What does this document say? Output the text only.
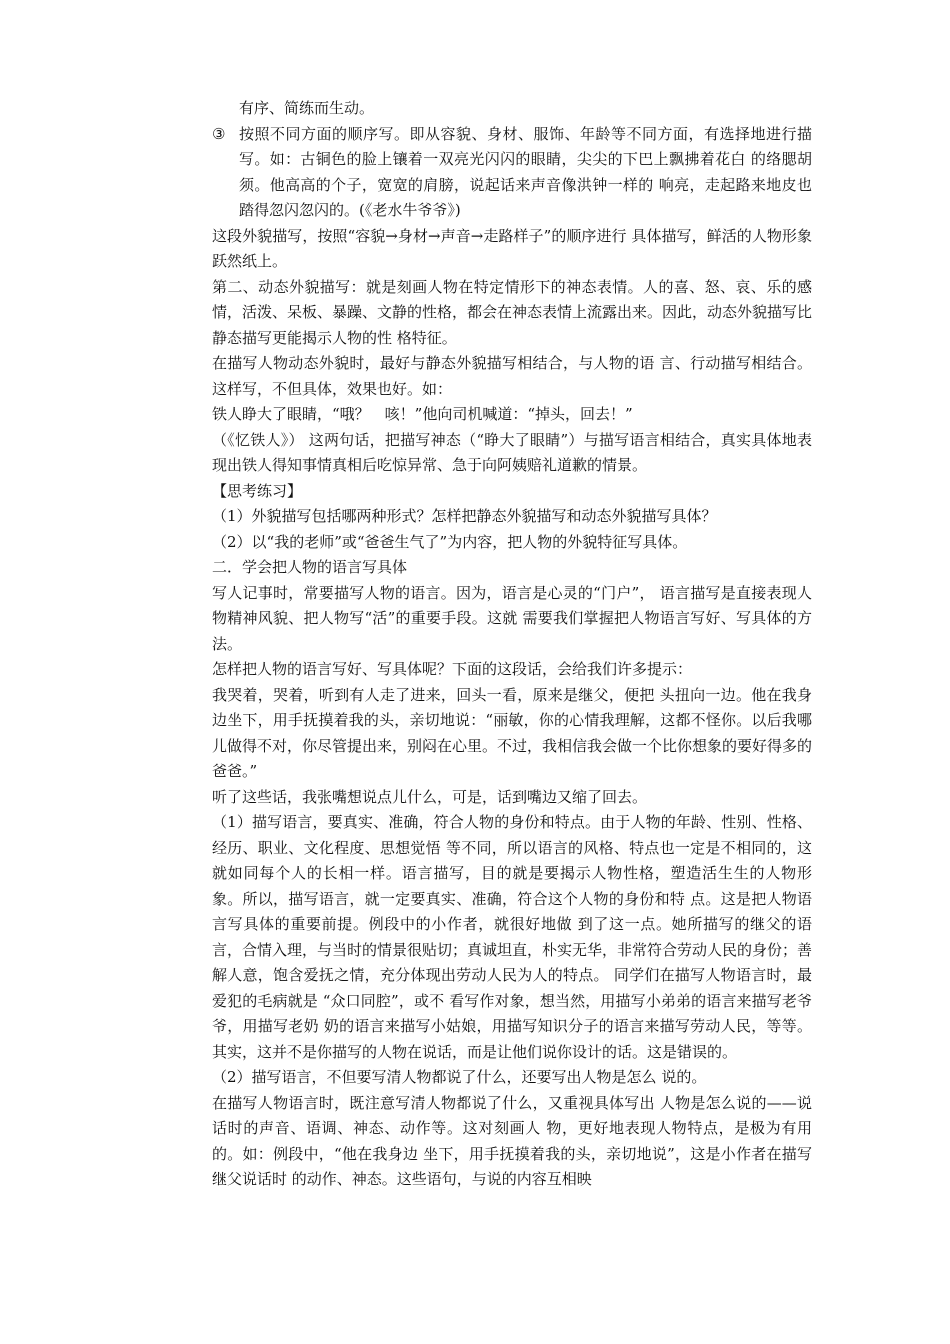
有序、简练而生动。

③ 按照不同方面的顺序写。即从容貌、身材、服饰、年龄等不同方面，有选择地进行描写。如：古铜色的脸上镶着一双亮光闪闪的眼睛，尖尖的下巴上飘拂着花白 的络腮胡须。他高高的个子，宽宽的肩膀，说起话来声音像洪钟一样的 响亮，走起路来地皮也踏得忽闪忽闪的。(《老水牛爷爷》)

这段外貌描写，按照“容貌→身材→声音→走路样子”的顺序进行 具体描写，鲜活的人物形象跃然纸上。

第二、动态外貌描写：就是刻画人物在特定情形下的神态表情。人的喜、怒、哀、乐的感情，活泼、呆板、暴躁、文静的性格，都会在神态表情上流露出来。因此，动态外貌描写比静态描写更能揭示人物的性 格特征。

在描写人物动态外貌时，最好与静态外貌描写相结合，与人物的语 言、行动描写相结合。这样写，不但具体，效果也好。如：

铁人睁大了眼睛，“哦？　咳！”他向司机喊道：“掉头，回去！”

（《忆铁人》） 这两句话，把描写神态（“睁大了眼睛”）与描写语言相结合，真实具体地表现出铁人得知事情真相后吃惊异常、急于向阿姨赔礼道歉的情景。

【思考练习】

（1）外貌描写包括哪两种形式？怎样把静态外貌描写和动态外貌描写具体？

（2）以“我的老师”或“爸爸生气了”为内容，把人物的外貌特征写具体。

二．学会把人物的语言写具体

写人记事时，常要描写人物的语言。因为，语言是心灵的“门户”， 语言描写是直接表现人物精神风貌、把人物写“活”的重要手段。这就 需要我们掌握把人物语言写好、写具体的方法。

怎样把人物的语言写好、写具体呢？下面的这段话，会给我们许多提示：

我哭着，哭着，听到有人走了进来，回头一看，原来是继父，便把 头扭向一边。他在我身边坐下，用手抚摸着我的头，亲切地说：“丽敏，你的心情我理解，这都不怪你。以后我哪儿做得不对，你尽管提出来，别闷在心里。不过，我相信我会做一个比你想象的要好得多的爸爸。”

听了这些话，我张嘴想说点儿什么，可是，话到嘴边又缩了回去。

（1）描写语言，要真实、准确，符合人物的身份和特点。由于人物的年龄、性别、性格、经历、职业、文化程度、思想觉悟 等不同，所以语言的风格、特点也一定是不相同的，这就如同每个人的长相一样。语言描写，目的就是要揭示人物性格，塑造活生生的人物形 象。所以，描写语言，就一定要真实、准确，符合这个人物的身份和特 点。这是把人物语言写具体的重要前提。例段中的小作者，就很好地做 到了这一点。她所描写的继父的语言，合情入理，与当时的情景很贴切；真诚坦直，朴实无华，非常符合劳动人民的身份；善解人意，饱含爱抚之情，充分体现出劳动人民为人的特点。 同学们在描写人物语言时，最爱犯的毛病就是 “众口同腔”，或不 看写作对象，想当然，用描写小弟弟的语言来描写老爷爷，用描写老奶 奶的语言来描写小姑娘，用描写知识分子的语言来描写劳动人民，等等。 其实，这并不是你描写的人物在说话，而是让他们说你设计的话。这是错误的。

（2）描写语言，不但要写清人物都说了什么，还要写出人物是怎么 说的。

在描写人物语言时，既注意写清人物都说了什么，又重视具体写出 人物是怎么说的——说话时的声音、语调、神态、动作等。这对刻画人 物，更好地表现人物特点，是极为有用的。如：例段中，“他在我身边 坐下，用手抚摸着我的头，亲切地说”，这是小作者在描写继父说话时 的动作、神态。这些语句，与说的内容互相映
